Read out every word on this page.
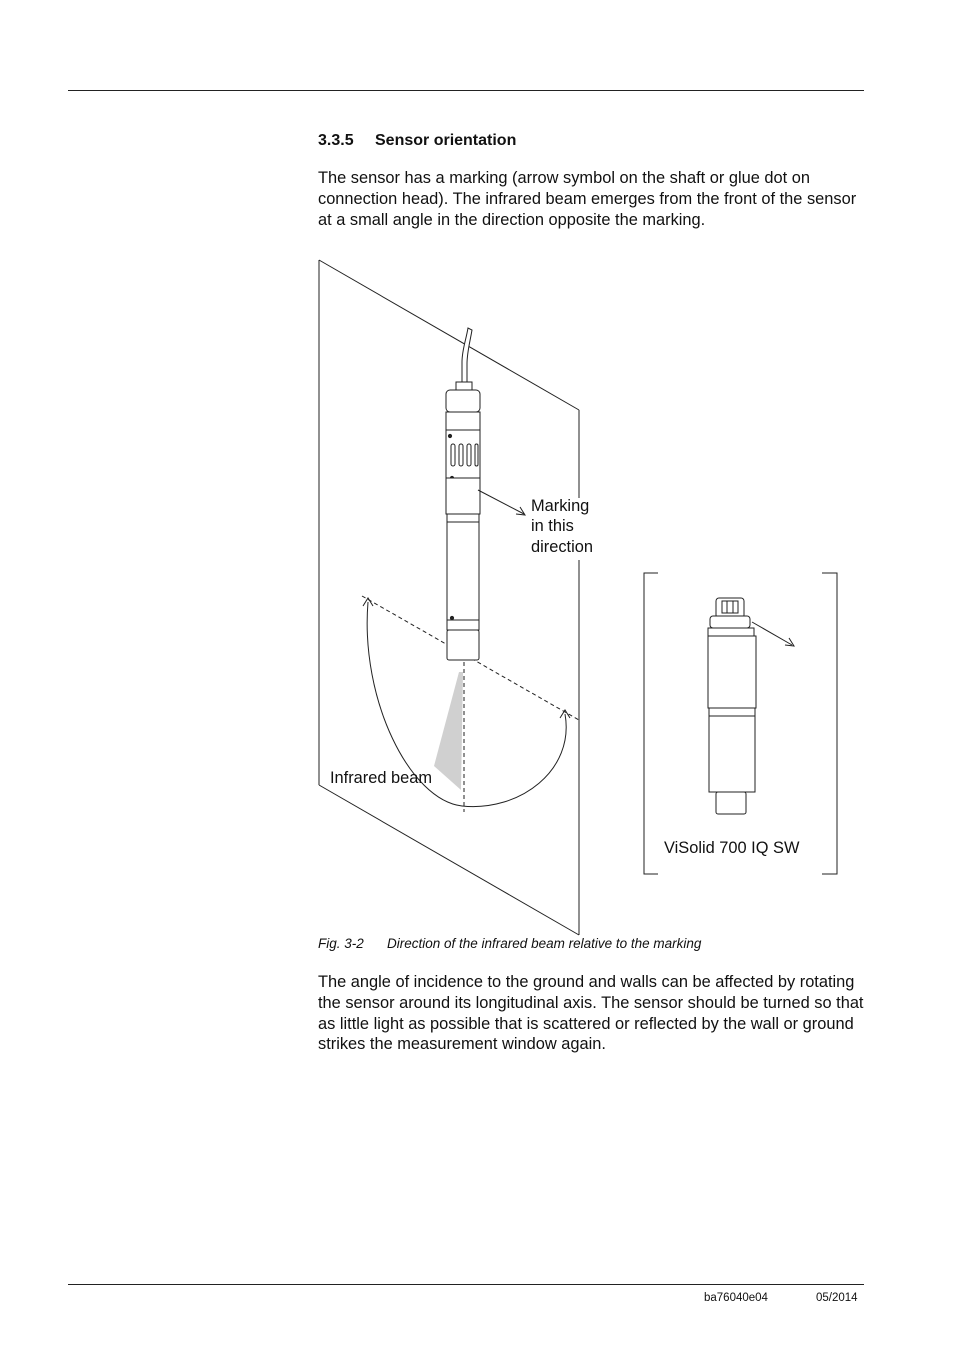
3.3.5 Sensor orientation
The sensor has a marking (arrow symbol on the shaft or glue dot on connection head). The infrared beam emerges from the front of the sensor at a small angle in the direction opposite the marking.
Marking
in this
direction
Infrared beam
ViSolid 700 IQ SW
Fig. 3-2 Direction of the infrared beam relative to the marking
The angle of incidence to the ground and walls can be affected by rotating the sensor around its longitudinal axis. The sensor should be turned so that as little light as possible that is scattered or reflected by the wall or ground strikes the measurement window again.
ba76040e04	05/2014
